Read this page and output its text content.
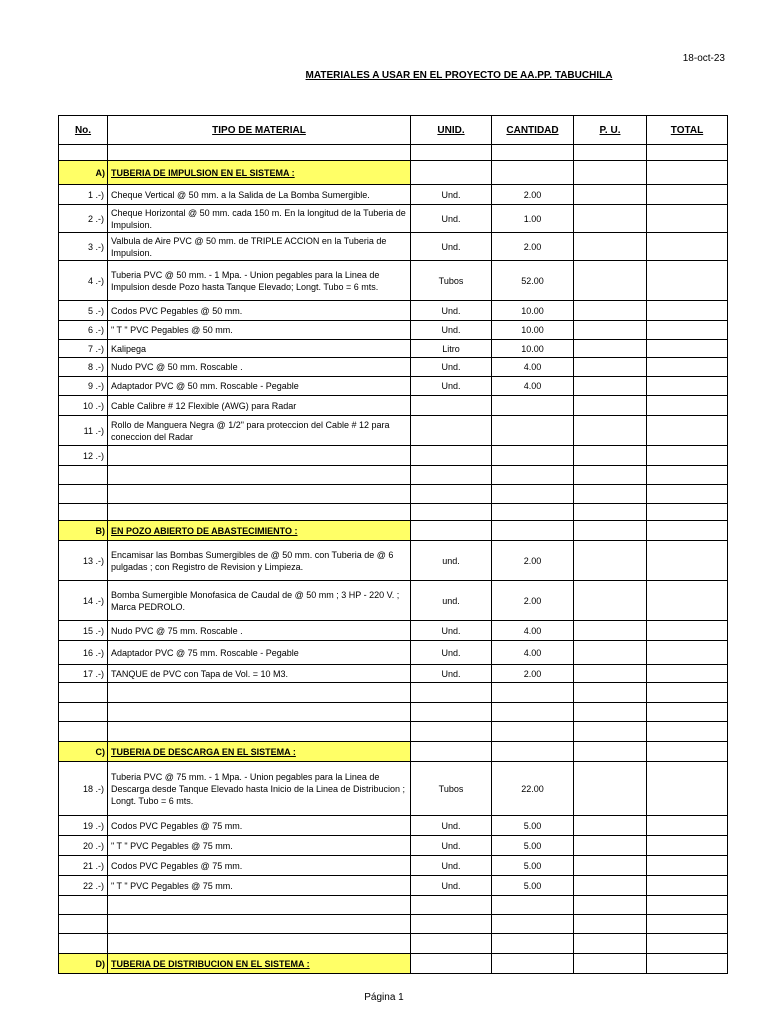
18-oct-23
MATERIALES A USAR EN EL PROYECTO DE AA.PP. TABUCHILA
No.	TIPO DE MATERIAL	UNID.	CANTIDAD	P. U.	TOTAL

A)	TUBERIA DE IMPULSION EN EL SISTEMA :				
1 .-)	Cheque Vertical @ 50 mm. a la Salida de La Bomba Sumergible.	Und.	2.00		
2 .-)	Cheque Horizontal @ 50 mm. cada 150 m. En la longitud de la Tuberia de Impulsion.	Und.	1.00		
3 .-)	Valbula de Aire PVC @ 50 mm. de TRIPLE ACCION en la Tuberia de Impulsion.	Und.	2.00		
4 .-)	Tuberia PVC @ 50 mm. - 1 Mpa. - Union pegables para la Linea de Impulsion desde Pozo hasta Tanque Elevado; Longt. Tubo = 6 mts.	Tubos	52.00		
5 .-)	Codos PVC Pegables @ 50 mm.	Und.	10.00		
6 .-)	" T " PVC Pegables @ 50 mm.	Und.	10.00		
7 .-)	Kalipega	Litro	10.00		
8 .-)	Nudo PVC @ 50 mm. Roscable .	Und.	4.00		
9 .-)	Adaptador PVC @ 50 mm. Roscable - Pegable	Und.	4.00		
10 .-)	Cable Calibre # 12 Flexible (AWG) para Radar				
11 .-)	Rollo de Manguera Negra @ 1/2" para proteccion del Cable # 12 para coneccion del Radar				
12 .-)					

B)	EN POZO ABIERTO DE ABASTECIMIENTO :				
13 .-)	Encamisar las Bombas Sumergibles de @ 50 mm. con Tuberia de @ 6 pulgadas ; con Registro de Revision y Limpieza.	und.	2.00		
14 .-)	Bomba Sumergible Monofasica de Caudal de @ 50 mm ; 3 HP - 220 V. ; Marca PEDROLO.	und.	2.00		
15 .-)	Nudo PVC @ 75 mm. Roscable .	Und.	4.00		
16 .-)	Adaptador PVC @ 75 mm. Roscable - Pegable	Und.	4.00		
17 .-)	TANQUE de PVC con Tapa de Vol. = 10 M3.	Und.	2.00		

C)	TUBERIA DE DESCARGA EN EL SISTEMA :				
18 .-)	Tuberia PVC @ 75 mm. - 1 Mpa. - Union pegables para la Linea de Descarga desde Tanque Elevado hasta Inicio de la Linea de Distribucion ; Longt. Tubo = 6 mts.	Tubos	22.00		
19 .-)	Codos PVC Pegables @ 75 mm.	Und.	5.00		
20 .-)	" T " PVC Pegables @ 75 mm.	Und.	5.00		
21 .-)	Codos PVC Pegables @ 75 mm.	Und.	5.00		
22 .-)	" T " PVC Pegables @ 75 mm.	Und.	5.00		

D)	TUBERIA DE DISTRIBUCION EN EL SISTEMA :				
Página 1
